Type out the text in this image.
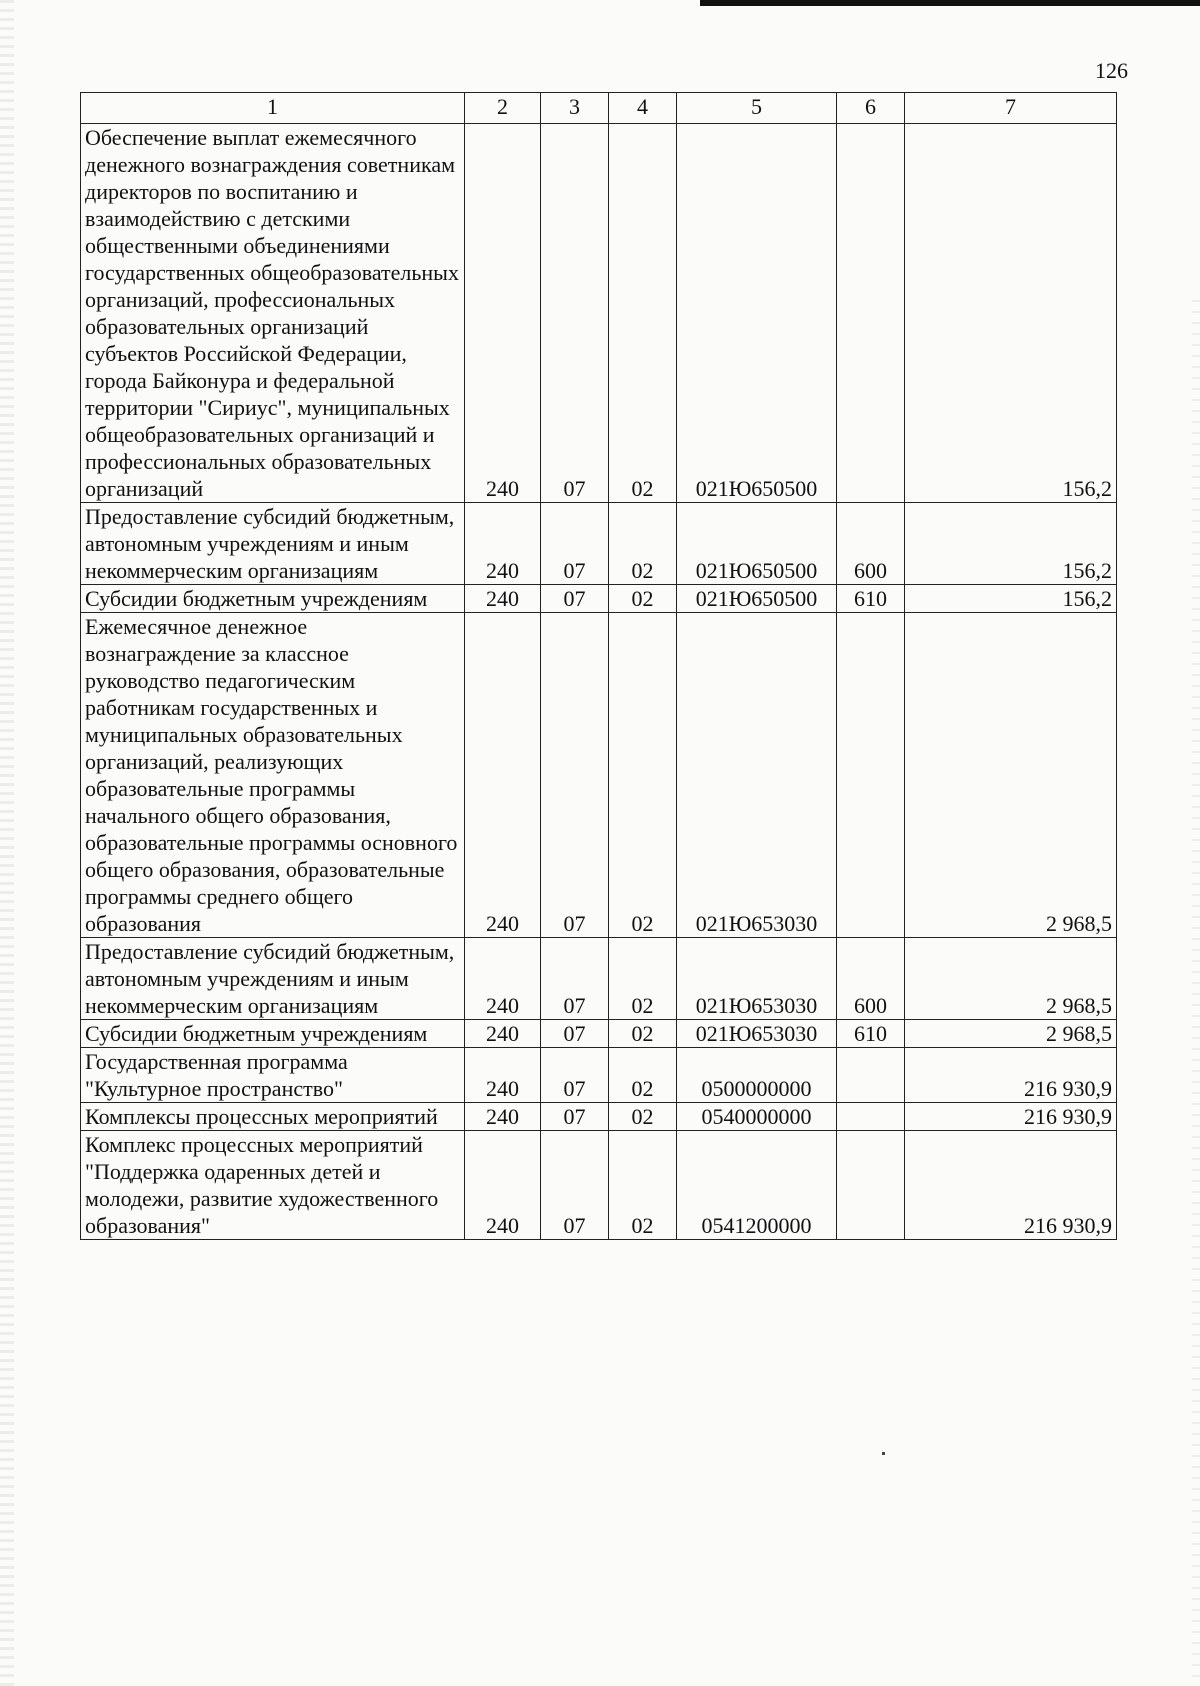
126
1	2	3	4	5	6	7
Обеспечение выплат ежемесячного денежного вознаграждения советникам директоров по воспитанию и взаимодействию с детскими общественными объединениями государственных общеобразовательных организаций, профессиональных образовательных организаций субъектов Российской Федерации, города Байконура и федеральной территории "Сириус", муниципальных общеобразовательных организаций и профессиональных образовательных организаций	240	07	02	021Ю650500		156,2
Предоставление субсидий бюджетным, автономным учреждениям и иным некоммерческим организациям	240	07	02	021Ю650500	600	156,2
Субсидии бюджетным учреждениям	240	07	02	021Ю650500	610	156,2
Ежемесячное денежное вознаграждение за классное руководство педагогическим работникам государственных и муниципальных образовательных организаций, реализующих образовательные программы начального общего образования, образовательные программы основного общего образования, образовательные программы среднего общего образования	240	07	02	021Ю653030		2 968,5
Предоставление субсидий бюджетным, автономным учреждениям и иным некоммерческим организациям	240	07	02	021Ю653030	600	2 968,5
Субсидии бюджетным учреждениям	240	07	02	021Ю653030	610	2 968,5
Государственная программа "Культурное пространство"	240	07	02	0500000000		216 930,9
Комплексы процессных мероприятий	240	07	02	0540000000		216 930,9
Комплекс процессных мероприятий "Поддержка одаренных детей и молодежи, развитие художественного образования"	240	07	02	0541200000		216 930,9
